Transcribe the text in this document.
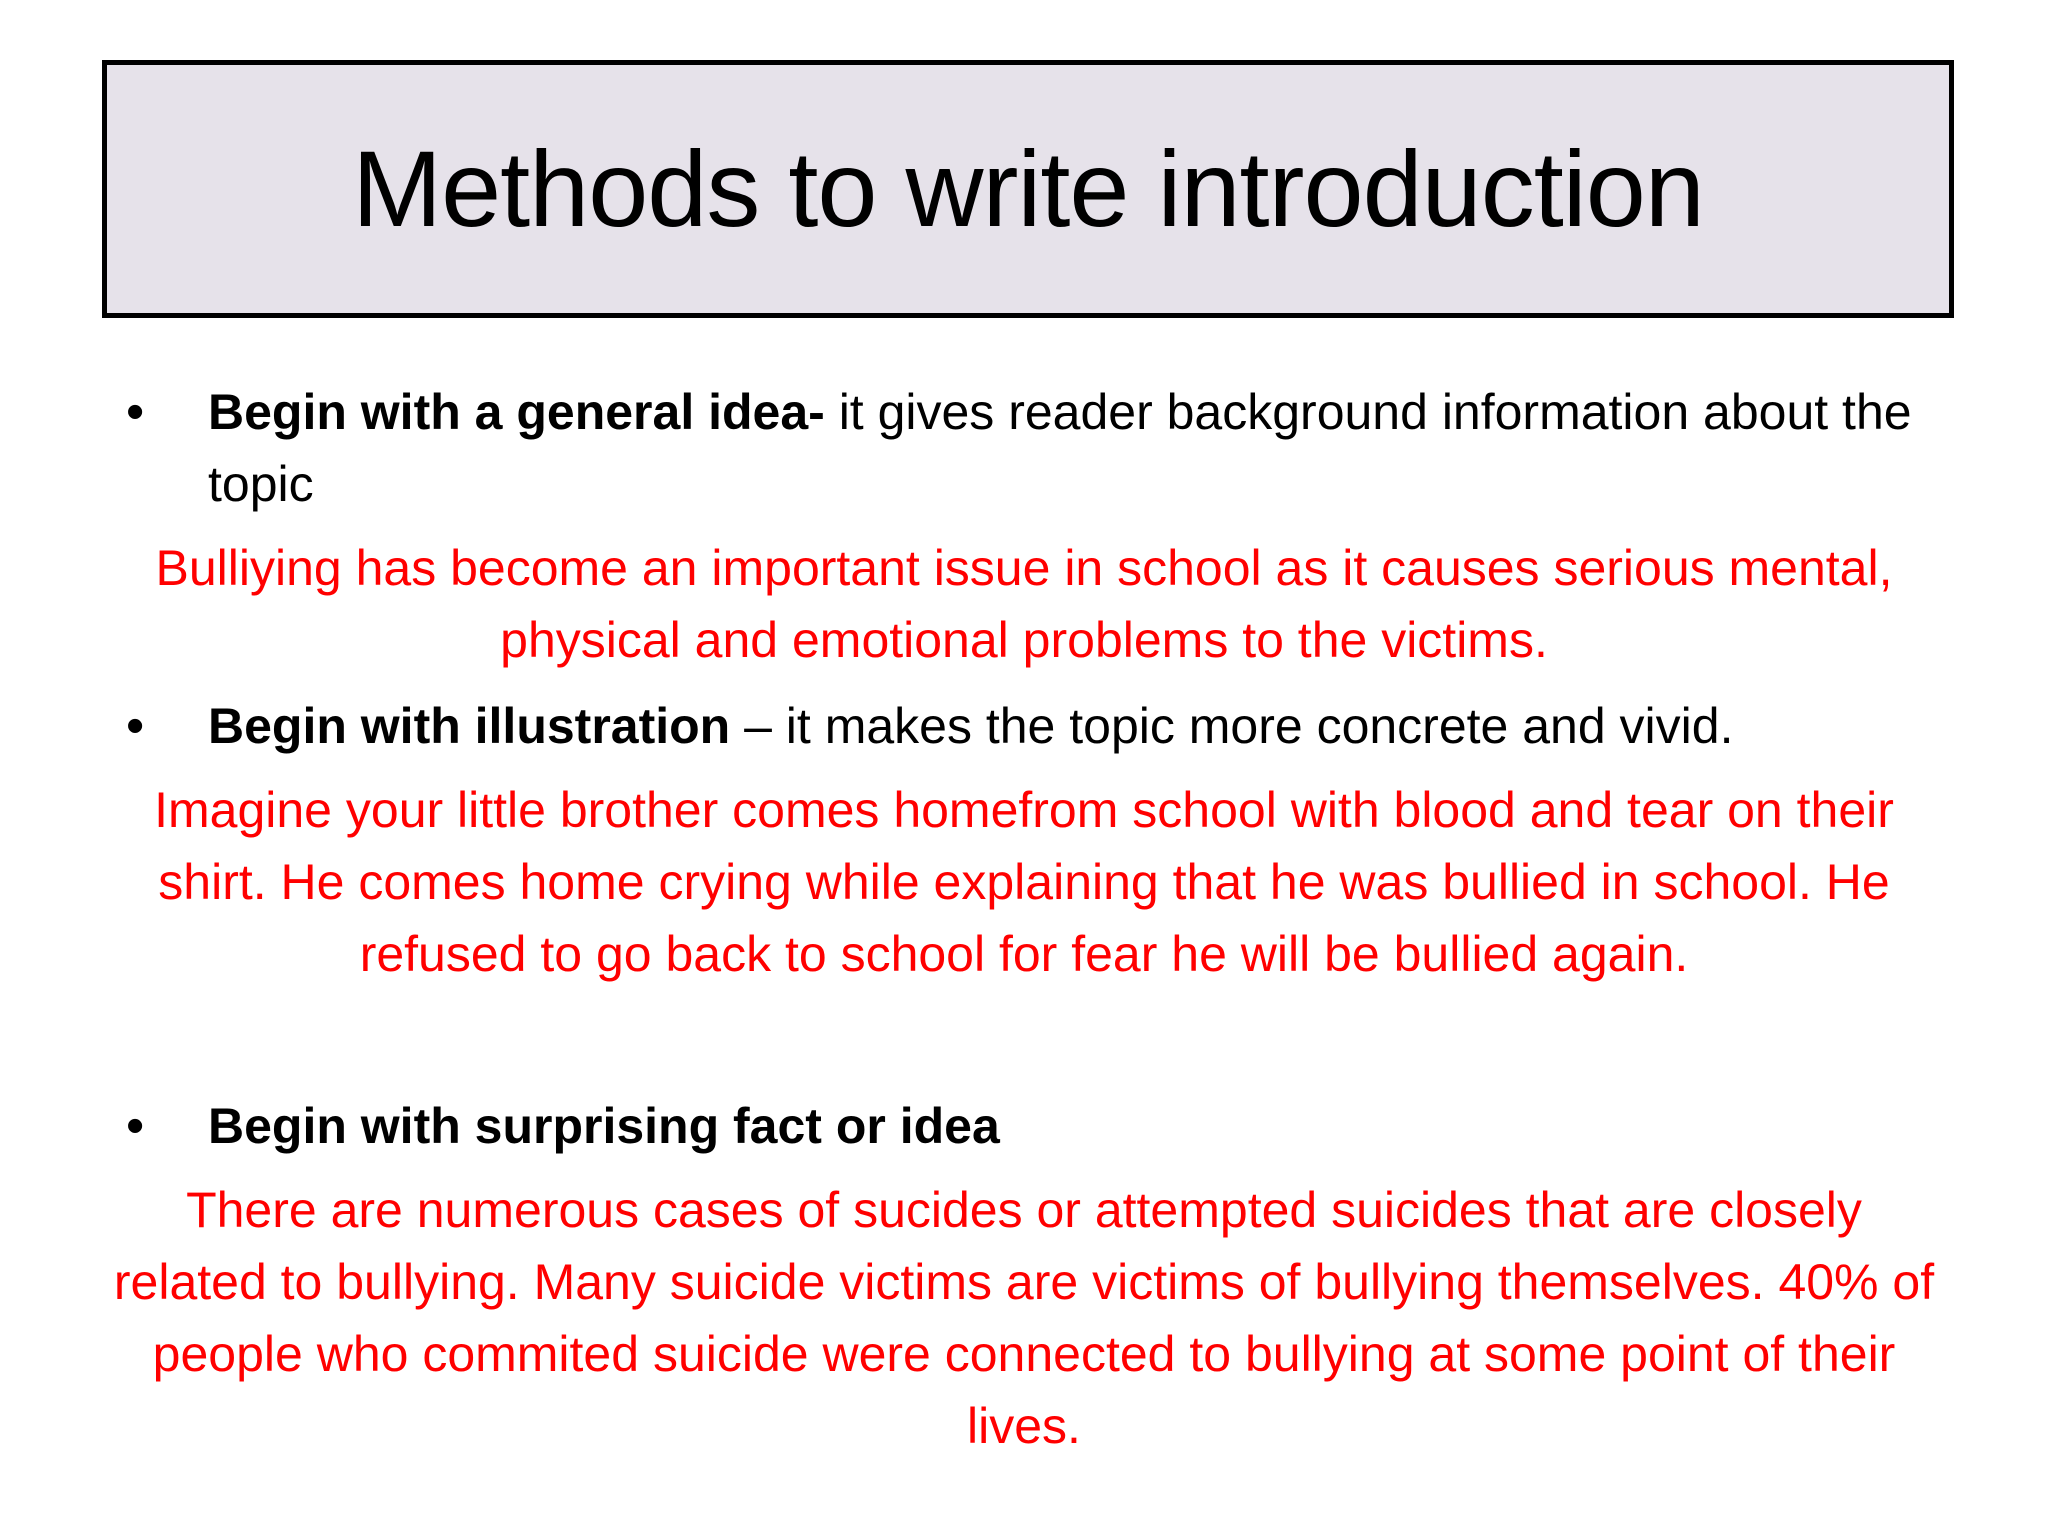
Methods to write introduction
•	Begin with a general idea- it gives reader background information about the topic
Bulliying has become an important issue in school as it causes serious mental, physical and emotional problems to the victims.
•	Begin with illustration – it makes the topic more concrete and vivid.
Imagine your little brother comes homefrom school with blood and tear on their shirt. He comes home crying while explaining that he was bullied in school. He refused to go back to school for fear he will be bullied again.
•	Begin with surprising fact or idea
There are numerous cases of sucides or attempted suicides that are closely related to bullying. Many suicide victims are victims of bullying themselves. 40% of people who commited suicide were connected to bullying at some point of their lives.
